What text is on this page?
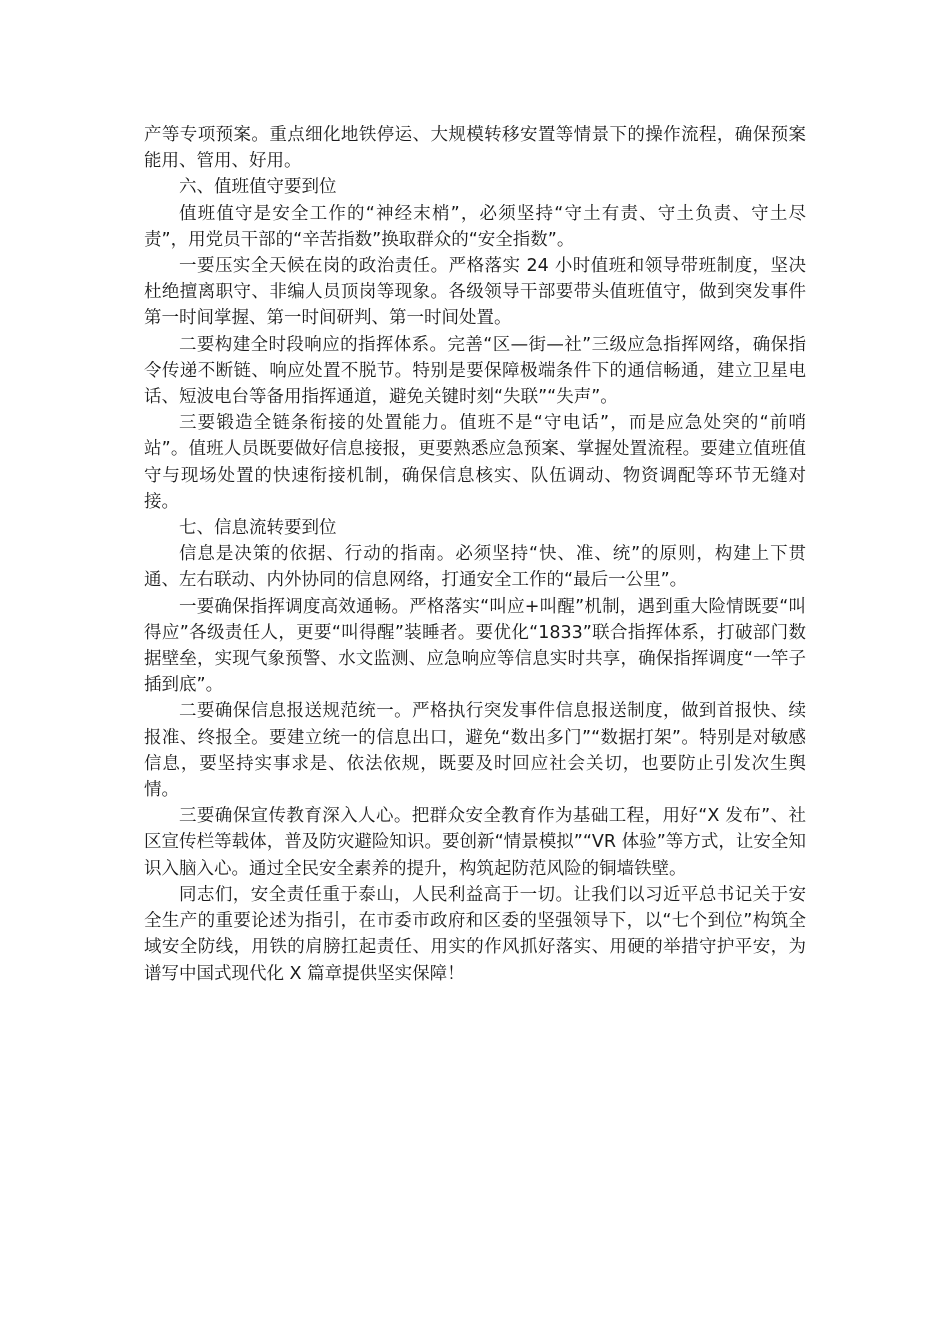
产等专项预案。重点细化地铁停运、大规模转移安置等情景下的操作流程，确保预案能用、管用、好用。

六、值班值守要到位

值班值守是安全工作的“神经末梢”，必须坚持“守土有责、守土负责、守土尽责”，用党员干部的“辛苦指数”换取群众的“安全指数”。

一要压实全天候在岗的政治责任。严格落实 24 小时值班和领导带班制度，坚决杜绝擅离职守、非编人员顶岗等现象。各级领导干部要带头值班值守，做到突发事件第一时间掌握、第一时间研判、第一时间处置。

二要构建全时段响应的指挥体系。完善“区—街—社”三级应急指挥网络，确保指令传递不断链、响应处置不脱节。特别是要保障极端条件下的通信畅通，建立卫星电话、短波电台等备用指挥通道，避免关键时刻“失联”“失声”。

三要锻造全链条衔接的处置能力。值班不是“守电话”，而是应急处突的“前哨站”。值班人员既要做好信息接报，更要熟悉应急预案、掌握处置流程。要建立值班值守与现场处置的快速衔接机制，确保信息核实、队伍调动、物资调配等环节无缝对接。

七、信息流转要到位

信息是决策的依据、行动的指南。必须坚持“快、准、统”的原则，构建上下贯通、左右联动、内外协同的信息网络，打通安全工作的“最后一公里”。

一要确保指挥调度高效通畅。严格落实“叫应+叫醒”机制，遇到重大险情既要“叫得应”各级责任人，更要“叫得醒”装睡者。要优化“1833”联合指挥体系，打破部门数据壁垒，实现气象预警、水文监测、应急响应等信息实时共享，确保指挥调度“一竿子插到底”。

二要确保信息报送规范统一。严格执行突发事件信息报送制度，做到首报快、续报准、终报全。要建立统一的信息出口，避免“数出多门”“数据打架”。特别是对敏感信息，要坚持实事求是、依法依规，既要及时回应社会关切，也要防止引发次生舆情。

三要确保宣传教育深入人心。把群众安全教育作为基础工程，用好“X 发布”、社区宣传栏等载体，普及防灾避险知识。要创新“情景模拟”“VR 体验”等方式，让安全知识入脑入心。通过全民安全素养的提升，构筑起防范风险的铜墙铁壁。

同志们，安全责任重于泰山，人民利益高于一切。让我们以习近平总书记关于安全生产的重要论述为指引，在市委市政府和区委的坚强领导下，以“七个到位”构筑全域安全防线，用铁的肩膀扛起责任、用实的作风抓好落实、用硬的举措守护平安，为谱写中国式现代化 X 篇章提供坚实保障！
